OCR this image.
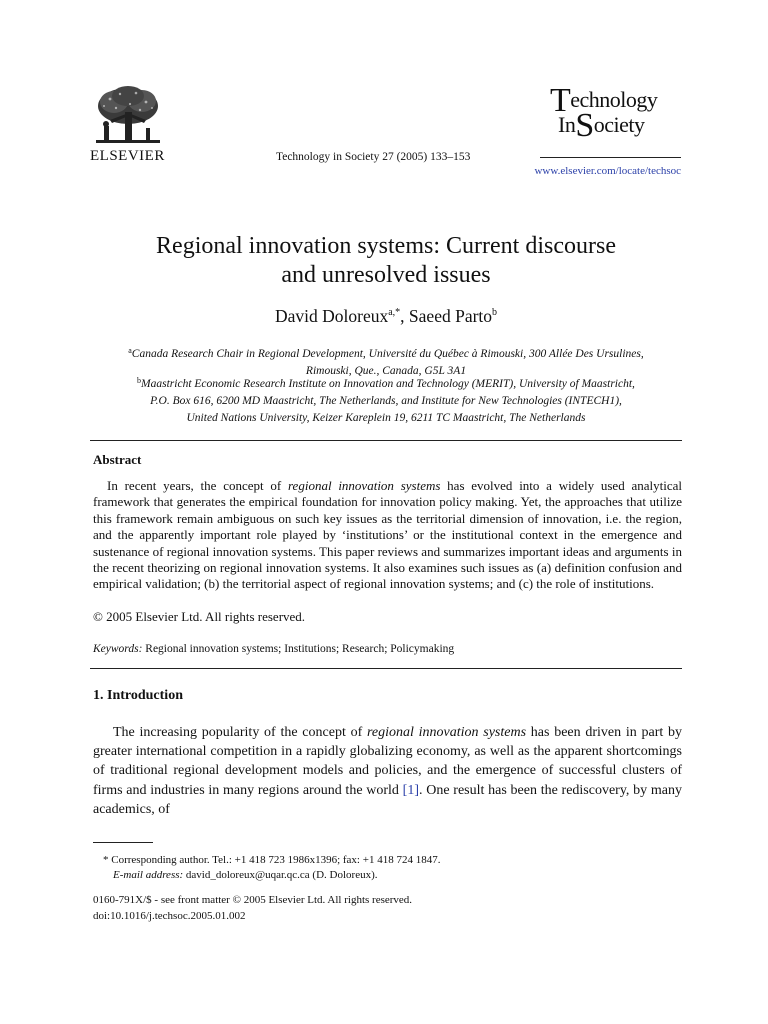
ELSEVIER	Technology in Society 27 (2005) 133–153
Technology
InSociety
www.elsevier.com/locate/techsoc
Regional innovation systems: Current discourse
and unresolved issues
David Doloreux$^{a,*}$, Saeed Parto$^b$
$^a$Canada Research Chair in Regional Development, Université du Québec à Rimouski, 300 Allée Des Ursulines,
Rimouski, Que., Canada, G5L 3A1
$^b$Maastricht Economic Research Institute on Innovation and Technology (MERIT), University of Maastricht,
P.O. Box 616, 6200 MD Maastricht, The Netherlands, and Institute for New Technologies (INTECH1),
United Nations University, Keizer Kareplein 19, 6211 TC Maastricht, The Netherlands
Abstract
In recent years, the concept of regional innovation systems has evolved into a widely used analytical framework that generates the empirical foundation for innovation policy making. Yet, the approaches that utilize this framework remain ambiguous on such key issues as the territorial dimension of innovation, i.e. the region, and the apparently important role played by ‘institutions’ or the institutional context in the emergence and sustenance of regional innovation systems. This paper reviews and summarizes important ideas and arguments in the recent theorizing on regional innovation systems. It also examines such issues as (a) definition confusion and empirical validation; (b) the territorial aspect of regional innovation systems; and (c) the role of institutions.
© 2005 Elsevier Ltd. All rights reserved.
Keywords: Regional innovation systems; Institutions; Research; Policymaking
1. Introduction
The increasing popularity of the concept of regional innovation systems has been driven in part by greater international competition in a rapidly globalizing economy, as well as the apparent shortcomings of traditional regional development models and policies, and the emergence of successful clusters of firms and industries in many regions around the world [1]. One result has been the rediscovery, by many academics, of
* Corresponding author. Tel.: +1 418 723 1986x1396; fax: +1 418 724 1847.
E-mail address: david_doloreux@uqar.qc.ca (D. Doloreux).
0160-791X/$ - see front matter © 2005 Elsevier Ltd. All rights reserved.
doi:10.1016/j.techsoc.2005.01.002
